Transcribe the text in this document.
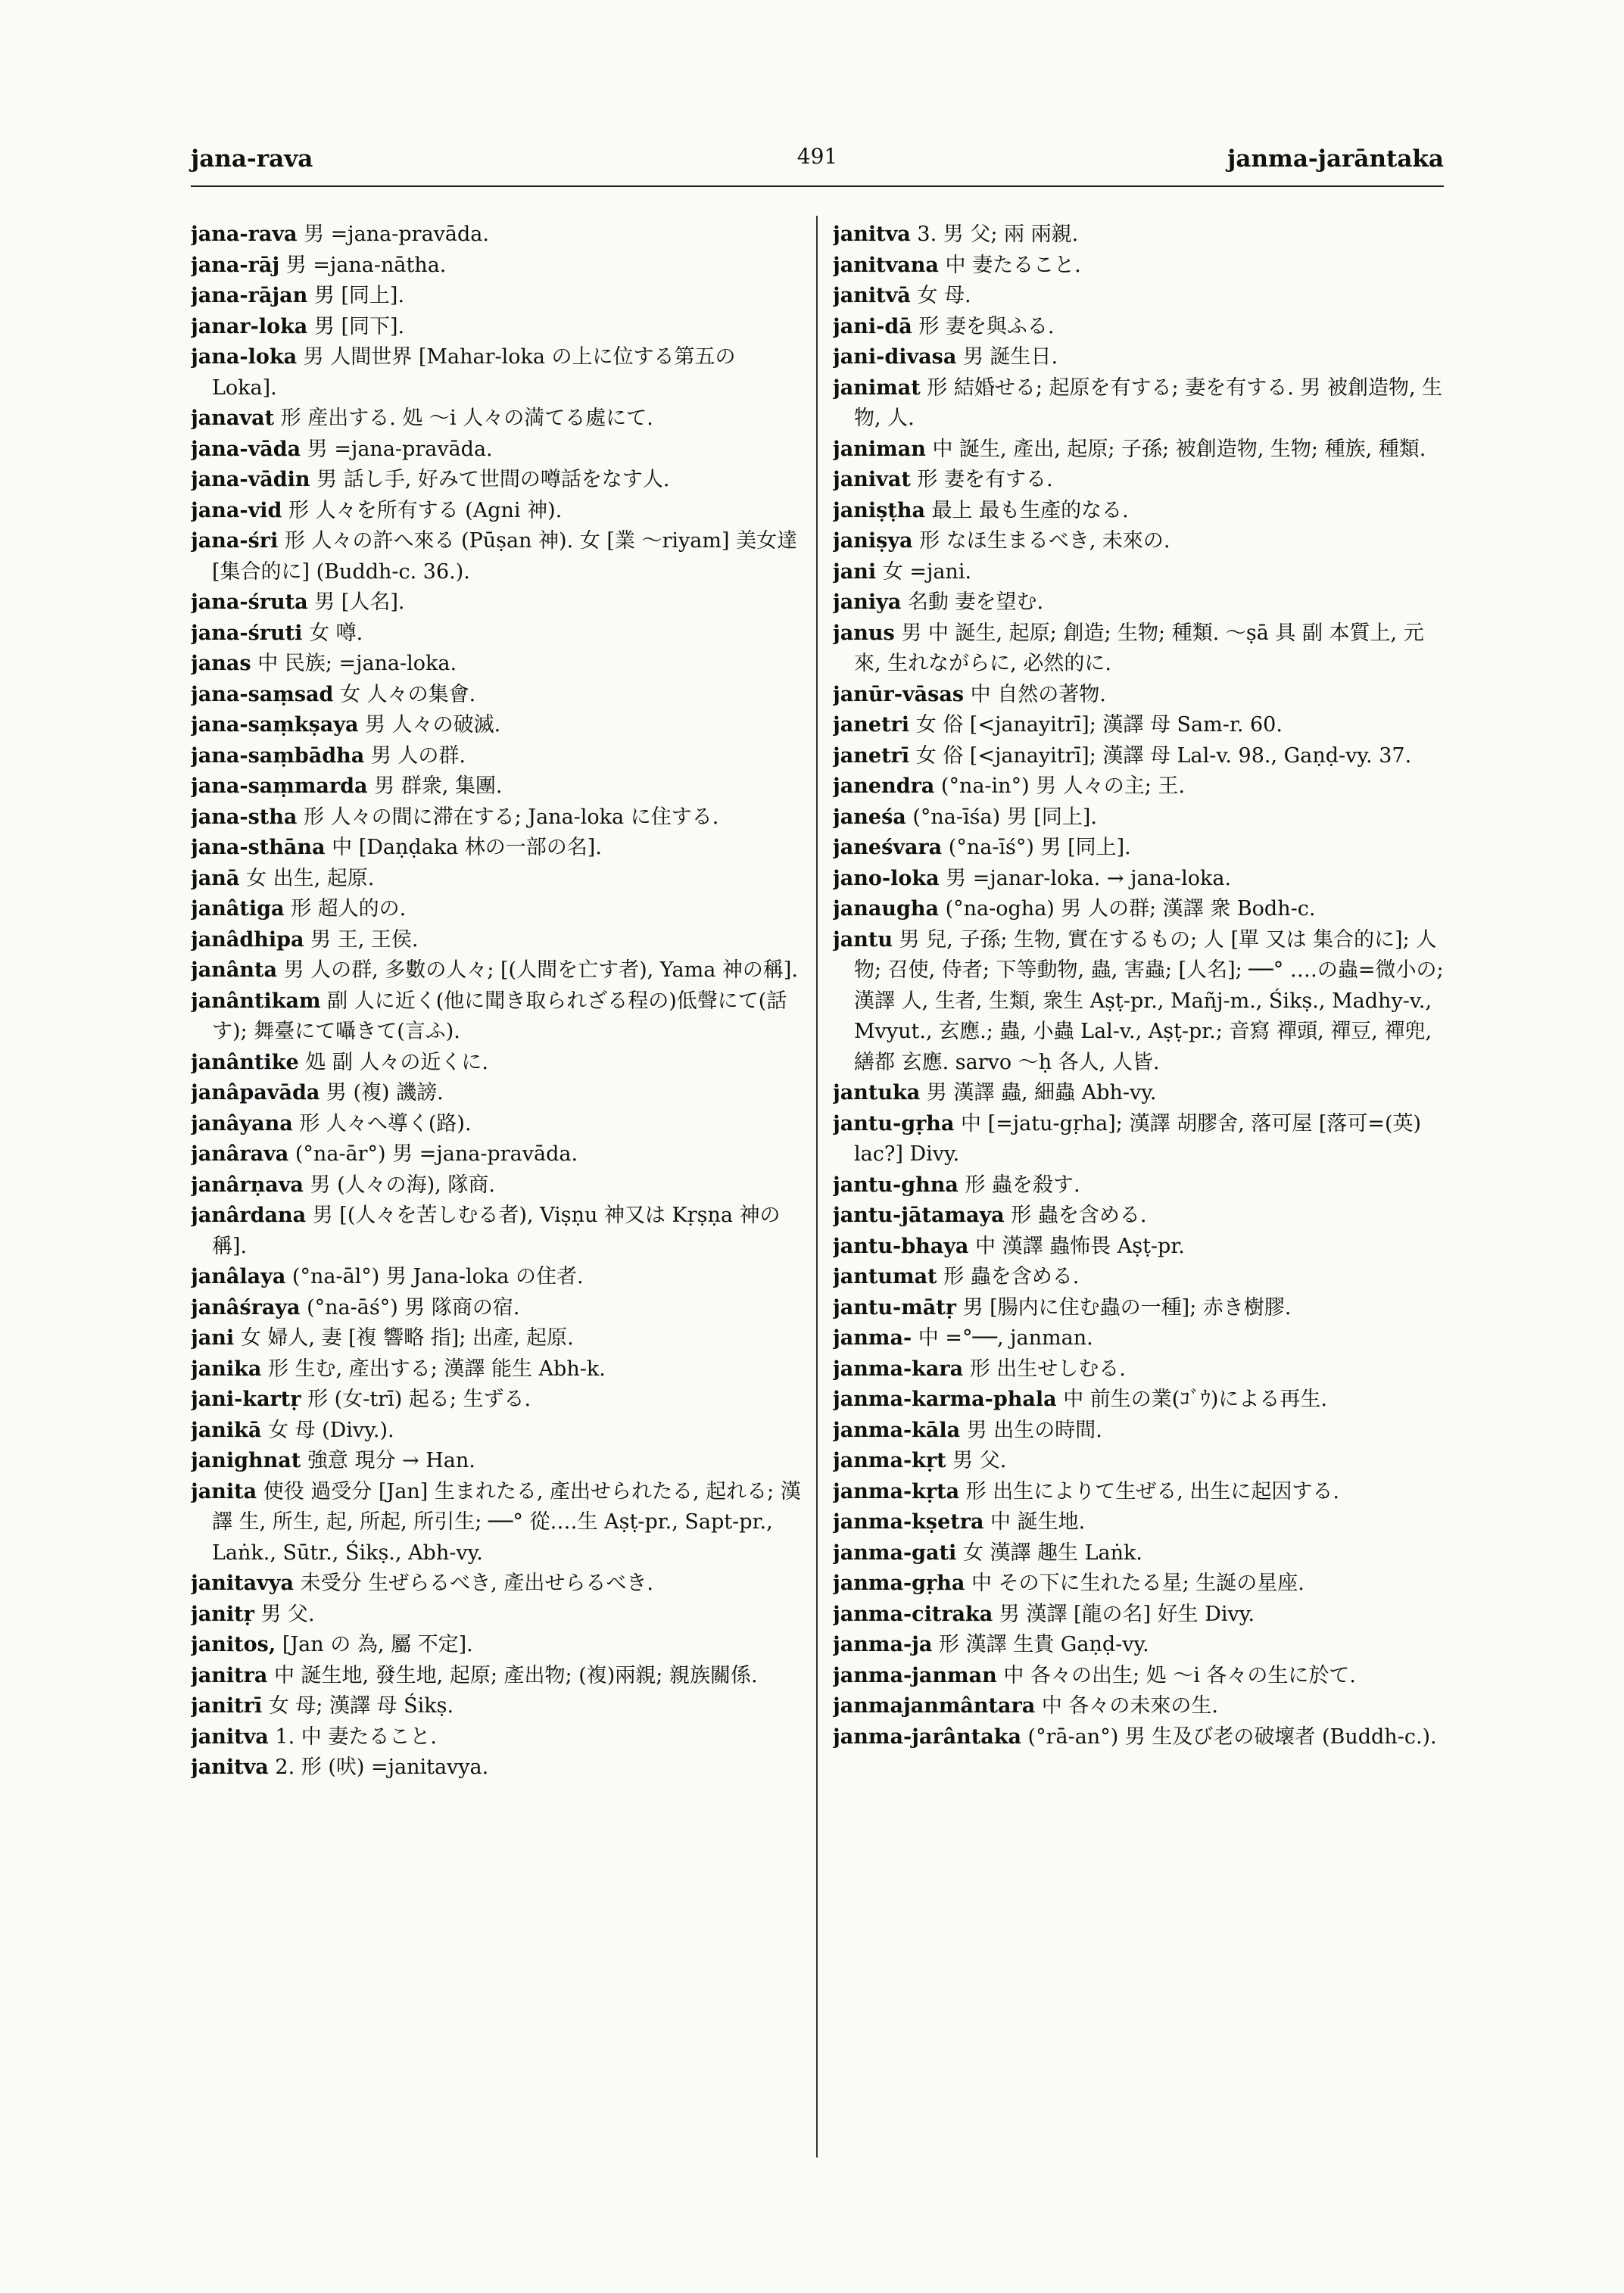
jana-rava	491	janma-jarāntaka
jana-rava 男 =jana-pravāda.
jana-rāj 男 =jana-nātha.
jana-rājan 男 [同上].
janar-loka 男 [同下].
jana-loka 男 人間世界 [Mahar-loka の上に位する第五の Loka].
janavat 形 産出する. 処 ～i 人々の満てる處にて.
jana-vāda 男 =jana-pravāda.
jana-vādin 男 話し手, 好みて世間の噂話をなす人.
jana-vid 形 人々を所有する (Agni 神).
jana-śri 形 人々の許へ來る (Pūṣan 神). 女 [業 ～riyam] 美女達 [集合的に] (Buddh-c. 36.).
jana-śruta 男 [人名].
jana-śruti 女 噂.
janas 中 民族; =jana-loka.
jana-saṃsad 女 人々の集會.
jana-saṃkṣaya 男 人々の破滅.
jana-saṃbādha 男 人の群.
jana-saṃmarda 男 群衆, 集團.
jana-stha 形 人々の間に滞在する; Jana-loka に住する.
jana-sthāna 中 [Daṇḍaka 林の一部の名].
janā 女 出生, 起原.
janâtiga 形 超人的の.
janâdhipa 男 王, 王侯.
janânta 男 人の群, 多數の人々; [(人間を亡す者), Yama 神の稱].
janântikam 副 人に近く(他に聞き取られざる程の)低聲にて(話す); 舞臺にて囁きて(言ふ).
janântike 処 副 人々の近くに.
janâpavāda 男 (複) 譏謗.
janâyana 形 人々へ導く(路).
janârava (°na-ār°) 男 =jana-pravāda.
janârṇava 男 (人々の海), 隊商.
janârdana 男 [(人々を苦しむる者), Viṣṇu 神又は Kṛṣṇa 神の稱].
janâlaya (°na-āl°) 男 Jana-loka の住者.
janâśraya (°na-āś°) 男 隊商の宿.
jani 女 婦人, 妻 [複 響略 指]; 出產, 起原.
janika 形 生む, 產出する; 漢譯 能生 Abh-k.
jani-kartṛ 形 (女-trī) 起る; 生ずる.
janikā 女 母 (Divy.).
janighnat 強意 現分 → Han.
janita 使役 過受分 [Jan] 生まれたる, 產出せられたる, 起れる; 漢譯 生, 所生, 起, 所起, 所引生; ──° 從‥‥生 Aṣṭ-pr., Sapt-pr., Laṅk., Sūtr., Śikṣ., Abh-vy.
janitavya 未受分 生ぜらるべき, 產出せらるべき.
janitṛ 男 父.
janitos, [Jan の 為, 屬 不定].
janitra 中 誕生地, 發生地, 起原; 產出物; (複)兩親; 親族關係.
janitrī 女 母; 漢譯 母 Śikṣ.
janitva 1. 中 妻たること.
janitva 2. 形 (吠) =janitavya.
janitva 3. 男 父; 兩 兩親.
janitvana 中 妻たること.
janitvā 女 母.
jani-dā 形 妻を與ふる.
jani-divasa 男 誕生日.
janimat 形 結婚せる; 起原を有する; 妻を有する. 男 被創造物, 生物, 人.
janiman 中 誕生, 產出, 起原; 子孫; 被創造物, 生物; 種族, 種類.
janivat 形 妻を有する.
janiṣṭha 最上 最も生產的なる.
janiṣya 形 なほ生まるべき, 未來の.
jani 女 =jani.
janiya 名動 妻を望む.
janus 男 中 誕生, 起原; 創造; 生物; 種類. ～ṣā 具 副 本質上, 元來, 生れながらに, 必然的に.
janūr-vāsas 中 自然の著物.
janetri 女 俗 [<janayitrī]; 漢譯 母 Sam-r. 60.
janetrī 女 俗 [<janayitrī]; 漢譯 母 Lal-v. 98., Gaṇḍ-vy. 37.
janendra (°na-in°) 男 人々の主; 王.
janeśa (°na-īśa) 男 [同上].
janeśvara (°na-īś°) 男 [同上].
jano-loka 男 =janar-loka. → jana-loka.
janaugha (°na-ogha) 男 人の群; 漢譯 衆 Bodh-c.
jantu 男 兒, 子孫; 生物, 實在するもの; 人 [單 又は 集合的に]; 人物; 召使, 侍者; 下等動物, 蟲, 害蟲; [人名]; ──° ‥‥の蟲=微小の; 漢譯 人, 生者, 生類, 衆生 Aṣṭ-pr., Mañj-m., Śikṣ., Madhy-v., Mvyut., 玄應.; 蟲, 小蟲 Lal-v., Aṣṭ-pr.; 音寫 禪頭, 禪豆, 禪兜, 繕都 玄應. sarvo ～ḥ 各人, 人皆.
jantuka 男 漢譯 蟲, 細蟲 Abh-vy.
jantu-gṛha 中 [=jatu-gṛha]; 漢譯 胡膠舍, 落可屋 [落可=(英) lac?] Divy.
jantu-ghna 形 蟲を殺す.
jantu-jātamaya 形 蟲を含める.
jantu-bhaya 中 漢譯 蟲怖畏 Aṣṭ-pr.
jantumat 形 蟲を含める.
jantu-mātṛ 男 [腸内に住む蟲の一種]; 赤き樹膠.
janma- 中 =°──, janman.
janma-kara 形 出生せしむる.
janma-karma-phala 中 前生の業(ｺﾞｳ)による再生.
janma-kāla 男 出生の時間.
janma-kṛt 男 父.
janma-kṛta 形 出生によりて生ぜる, 出生に起因する.
janma-kṣetra 中 誕生地.
janma-gati 女 漢譯 趣生 Laṅk.
janma-gṛha 中 その下に生れたる星; 生誕の星座.
janma-citraka 男 漢譯 [龍の名] 好生 Divy.
janma-ja 形 漢譯 生貴 Gaṇḍ-vy.
janma-janman 中 各々の出生; 処 ～i 各々の生に於て.
janmajanmântara 中 各々の未來の生.
janma-jarântaka (°rā-an°) 男 生及び老の破壞者 (Buddh-c.).
